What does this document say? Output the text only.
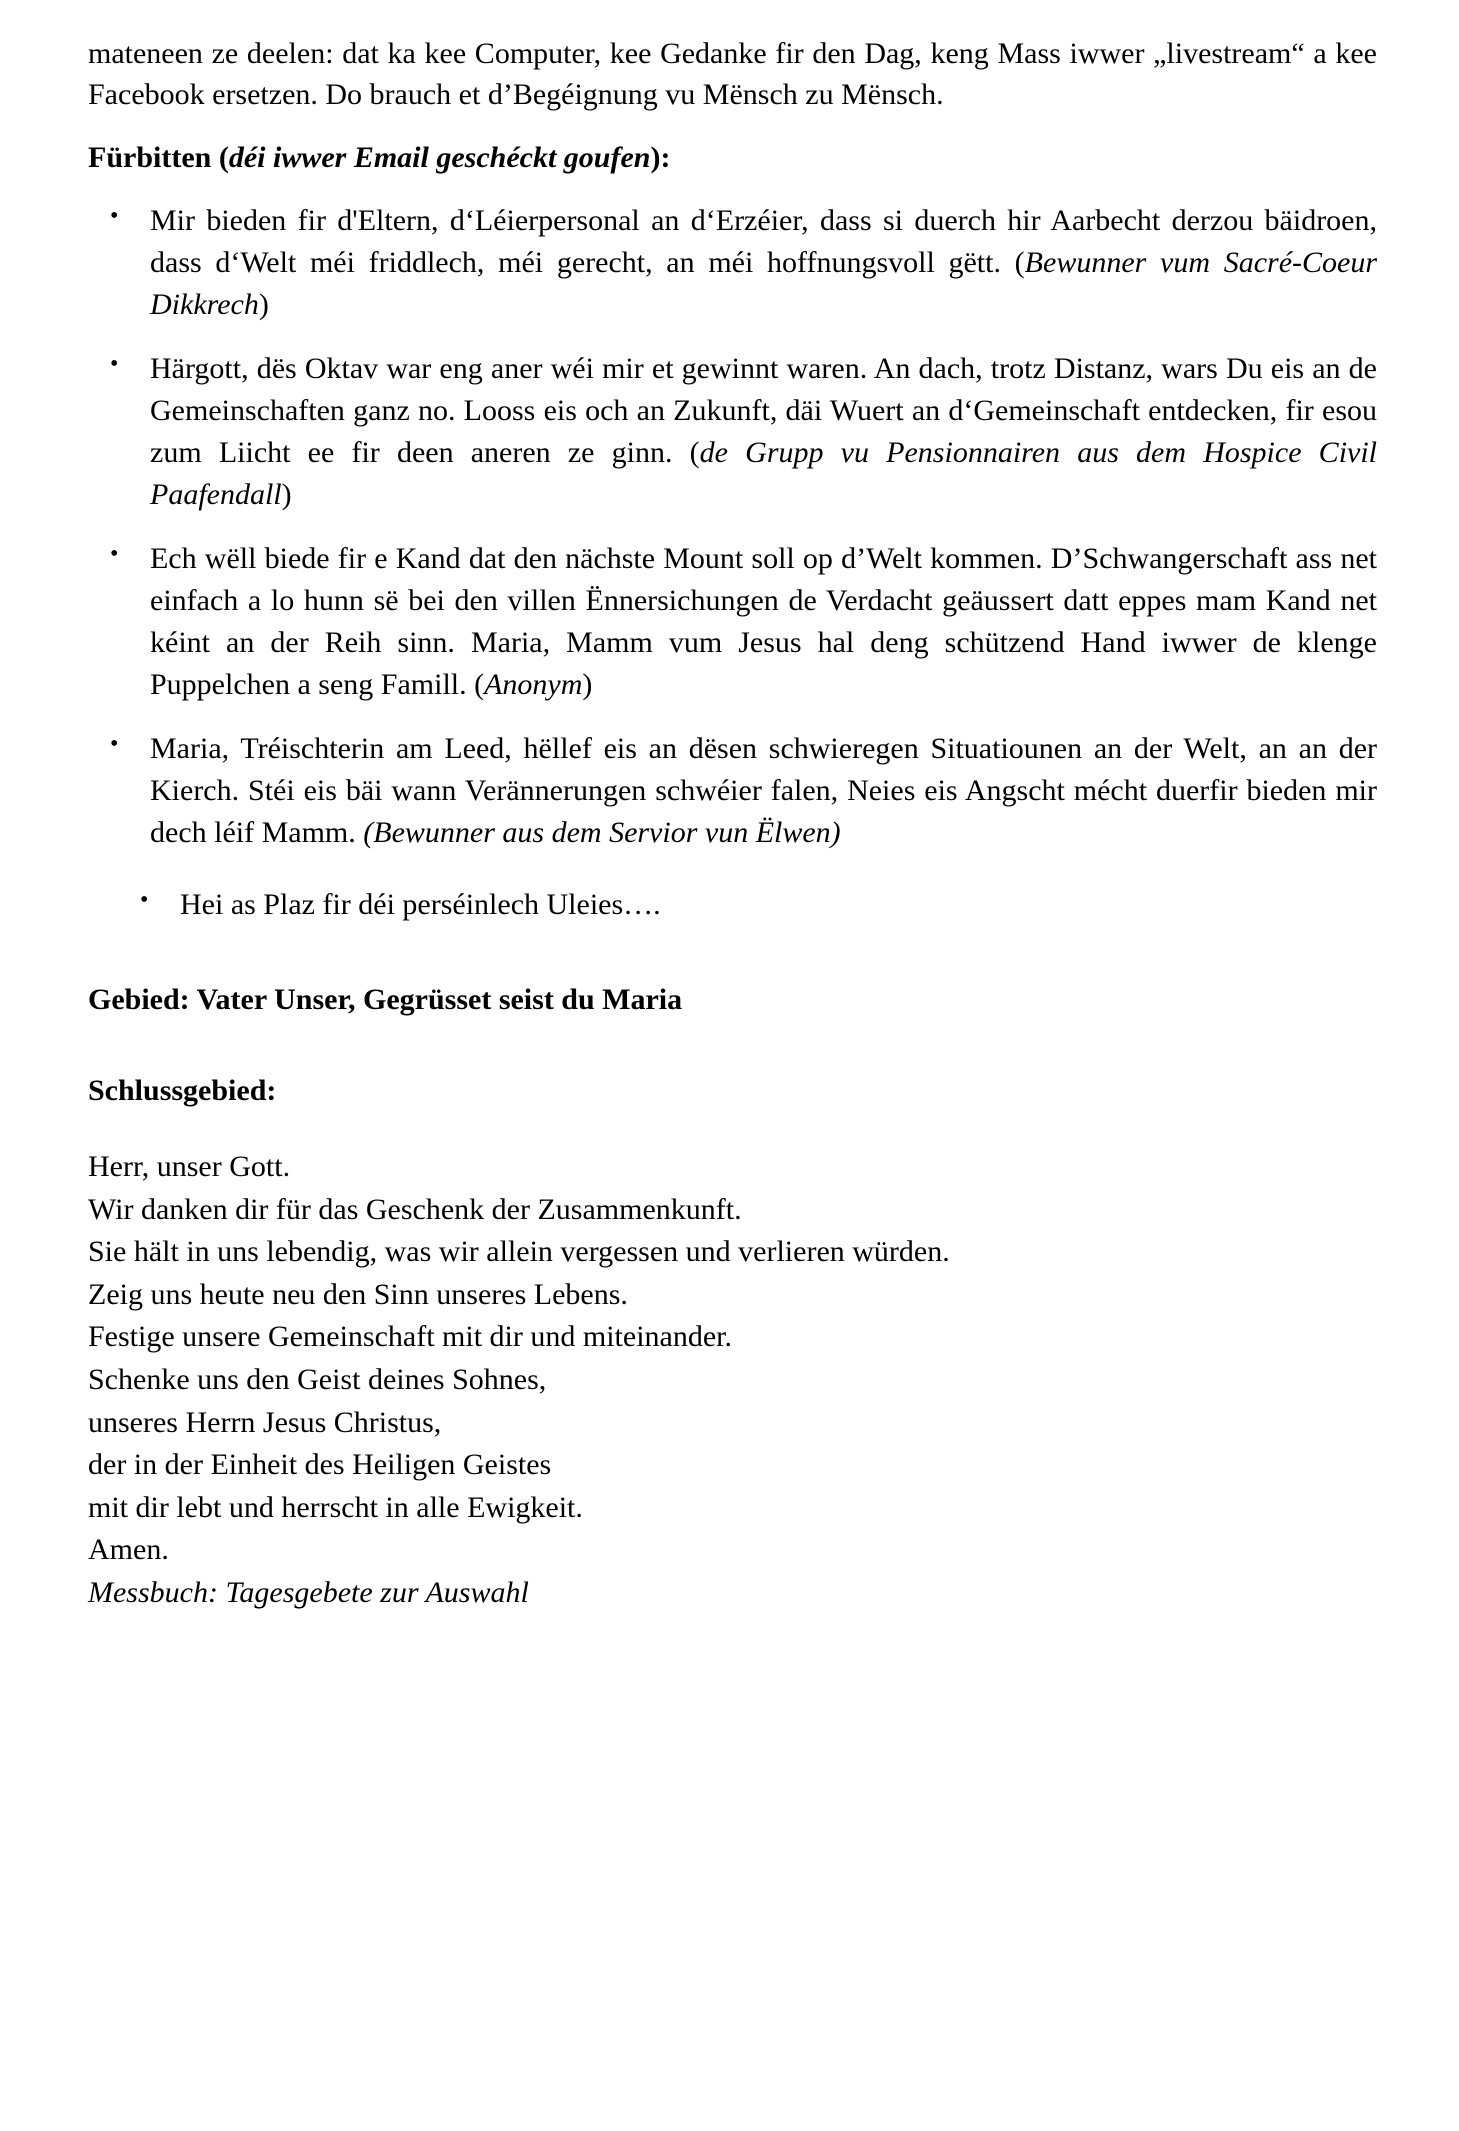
mateneen ze deelen: dat ka kee Computer, kee Gedanke fir den Dag, keng Mass iwwer „livestream“ a kee Facebook ersetzen. Do brauch et d’Begéignung vu Mënsch zu Mënsch.

Fürbitten (déi iwwer Email geschéckt goufen):
• Mir bieden fir d'Eltern, d‘Léierpersonal an d‘Erzéier, dass si duerch hir Aarbecht derzou bäidroen, dass d‘Welt méi friddlech, méi gerecht, an méi hoffnungsvoll gëtt. (Bewunner vum Sacré-Coeur Dikkrech)
• Härgott, dës Oktav war eng aner wéi mir et gewinnt waren. An dach, trotz Distanz, wars Du eis an de Gemeinschaften ganz no. Looss eis och an Zukunft, däi Wuert an d‘Gemeinschaft entdecken, fir esou zum Liicht ee fir deen aneren ze ginn. (de Grupp vu Pensionnairen aus dem Hospice Civil Paafendall)
• Ech wëll biede fir e Kand dat den nächste Mount soll op d’Welt kommen. D’Schwangerschaft ass net einfach a lo hunn së bei den villen Ënnersichungen de Verdacht geäussert datt eppes mam Kand net kéint an der Reih sinn. Maria, Mamm vum Jesus hal deng schützend Hand iwwer de klenge Puppelchen a seng Famill. (Anonym)
• Maria, Tréischterin am Leed, hëllef eis an dësen schwieregen Situatiounen an der Welt, an an der Kierch. Stéi eis bäi wann Verännerungen schwéier falen, Neies eis Angscht mécht duerfir bieden mir dech léif Mamm. (Bewunner aus dem Servior vun Ëlwen)
• Hei as Plaz fir déi perséinlech Uleies….
Gebied: Vater Unser, Gegrüsset seist du Maria
Schlussgebied:
Herr, unser Gott.
Wir danken dir für das Geschenk der Zusammenkunft.
Sie hält in uns lebendig, was wir allein vergessen und verlieren würden.
Zeig uns heute neu den Sinn unseres Lebens.
Festige unsere Gemeinschaft mit dir und miteinander.
Schenke uns den Geist deines Sohnes,
unseres Herrn Jesus Christus,
der in der Einheit des Heiligen Geistes
mit dir lebt und herrscht in alle Ewigkeit.
Amen.
Messbuch: Tagesgebete zur Auswahl
